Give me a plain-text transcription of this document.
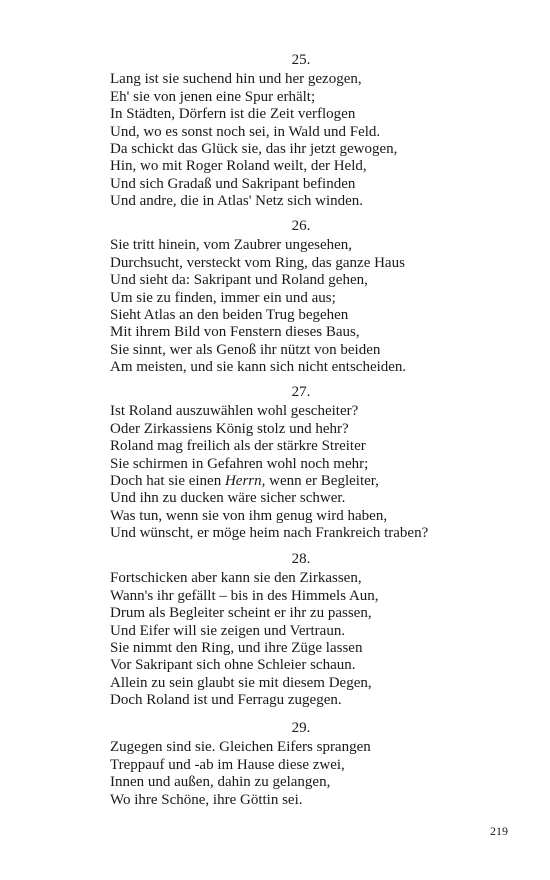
25.
Lang ist sie suchend hin und her gezogen,
Eh' sie von jenen eine Spur erhält;
In Städten, Dörfern ist die Zeit verflogen
Und, wo es sonst noch sei, in Wald und Feld.
Da schickt das Glück sie, das ihr jetzt gewogen,
Hin, wo mit Roger Roland weilt, der Held,
Und sich Gradaß und Sakripant befinden
Und andre, die in Atlas' Netz sich winden.
26.
Sie tritt hinein, vom Zaubrer ungesehen,
Durchsucht, versteckt vom Ring, das ganze Haus
Und sieht da: Sakripant und Roland gehen,
Um sie zu finden, immer ein und aus;
Sieht Atlas an den beiden Trug begehen
Mit ihrem Bild von Fenstern dieses Baus,
Sie sinnt, wer als Genoß ihr nützt von beiden
Am meisten, und sie kann sich nicht entscheiden.
27.
Ist Roland auszuwählen wohl gescheiter?
Oder Zirkassiens König stolz und hehr?
Roland mag freilich als der stärkre Streiter
Sie schirmen in Gefahren wohl noch mehr;
Doch hat sie einen Herrn, wenn er Begleiter,
Und ihn zu ducken wäre sicher schwer.
Was tun, wenn sie von ihm genug wird haben,
Und wünscht, er möge heim nach Frankreich traben?
28.
Fortschicken aber kann sie den Zirkassen,
Wann's ihr gefällt – bis in des Himmels Aun,
Drum als Begleiter scheint er ihr zu passen,
Und Eifer will sie zeigen und Vertraun.
Sie nimmt den Ring, und ihre Züge lassen
Vor Sakripant sich ohne Schleier schaun.
Allein zu sein glaubt sie mit diesem Degen,
Doch Roland ist und Ferragu zugegen.
29.
Zugegen sind sie. Gleichen Eifers sprangen
Treppauf und -ab im Hause diese zwei,
Innen und außen, dahin zu gelangen,
Wo ihre Schöne, ihre Göttin sei.
219
